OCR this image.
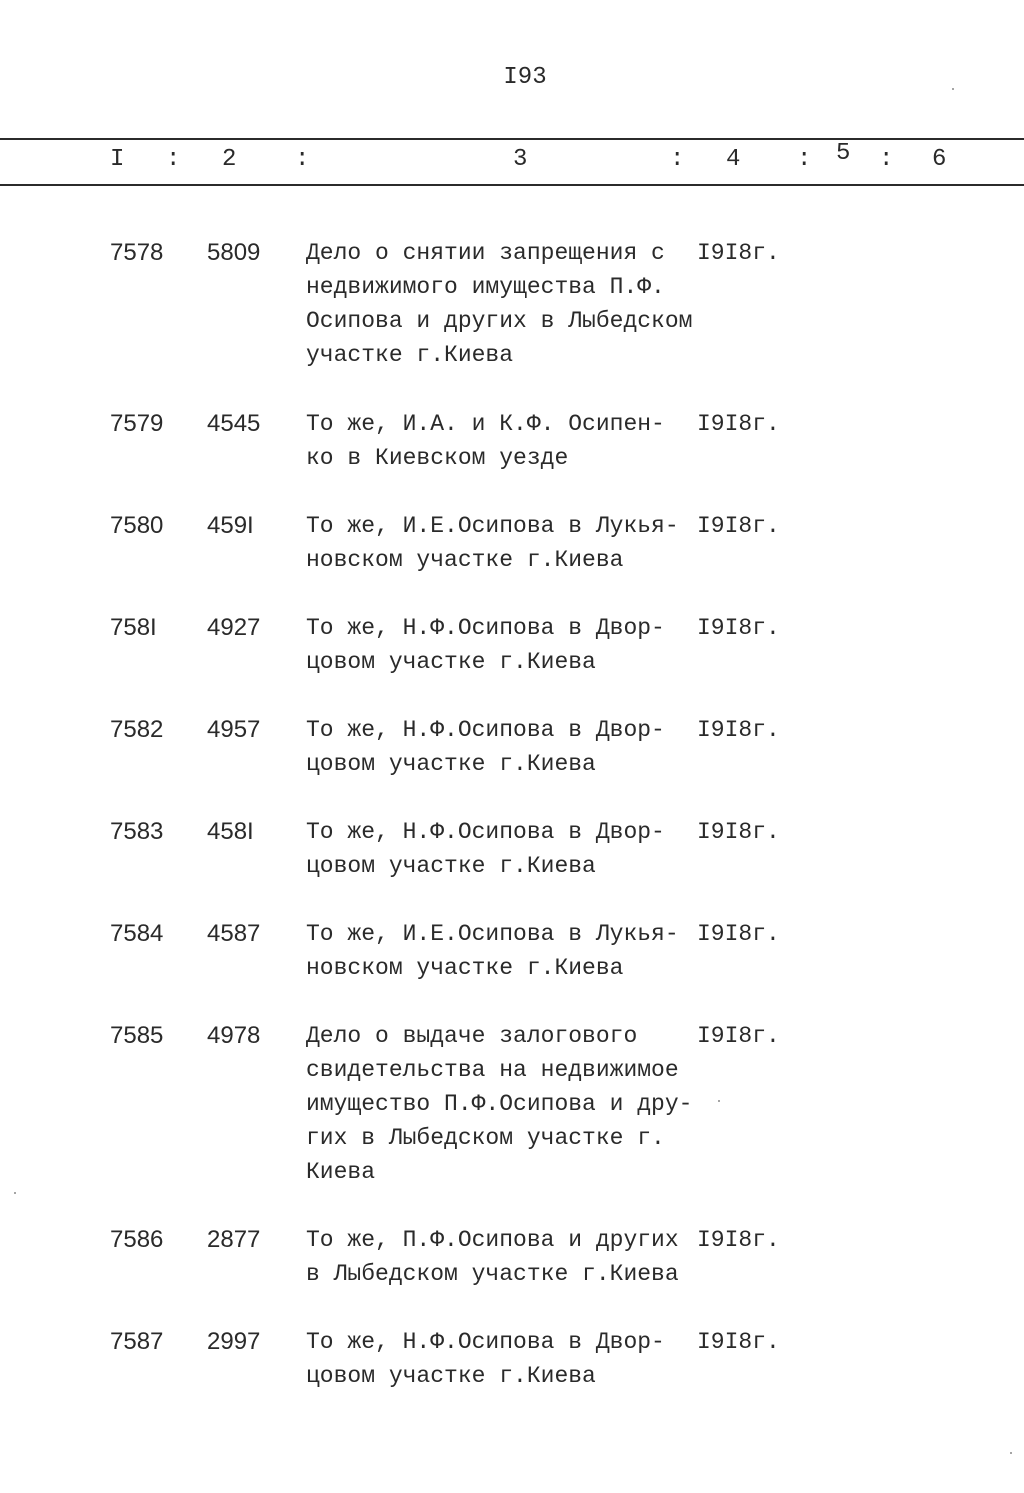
I93
I : 2 :	3	: 4 : 5 : 6
7578 5809 Дело о снятии запрещения с
недвижимого имущества П.Ф.
Осипова и других в Лыбедском
участке г.Киева
I9I8г.
7579 4545 То же, И.А. и К.Ф. Осипен-
ко в Киевском уезде
I9I8г.
7580 459I То же, И.Е.Осипова в Лукья-
новском участке г.Киева
I9I8г.
758I 4927 То же, Н.Ф.Осипова в Двор-
цовом участке г.Киева
I9I8г.
7582 4957 То же, Н.Ф.Осипова в Двор-
цовом участке г.Киева
I9I8г.
7583 458I То же, Н.Ф.Осипова в Двор-
цовом участке г.Киева
I9I8г.
7584 4587 То же, И.Е.Осипова в Лукья-
новском участке г.Киева
I9I8г.
7585 4978 Дело о выдаче залогового
свидетельства на недвижимое
имущество П.Ф.Осипова и дру-
гих в Лыбедском участке г.
Киева
I9I8г.
7586 2877 То же, П.Ф.Осипова и других
в Лыбедском участке г.Киева
I9I8г.
7587 2997 То же, Н.Ф.Осипова в Двор-
цовом участке г.Киева
I9I8г.
